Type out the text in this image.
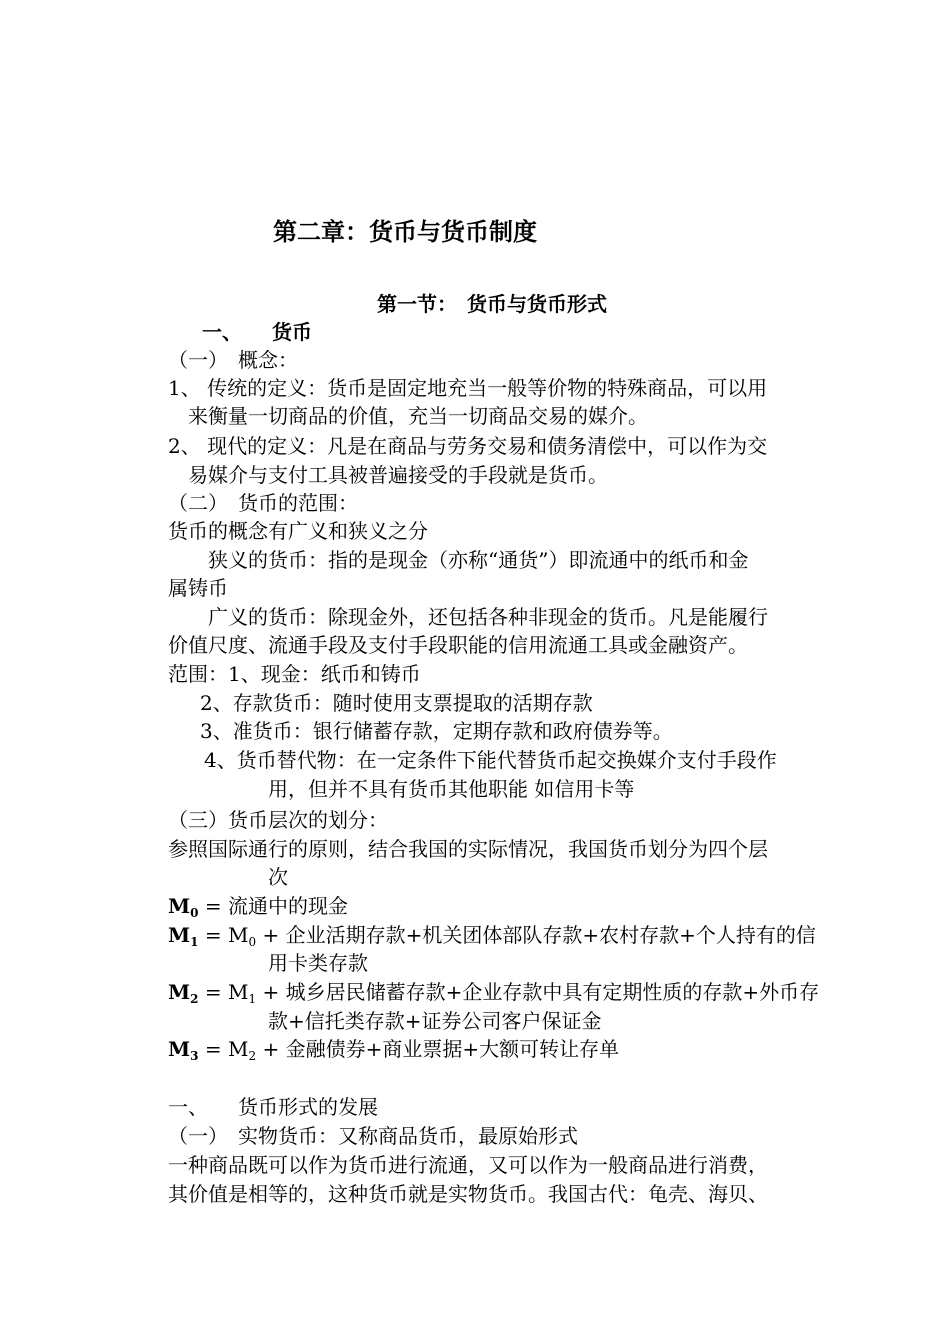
第二章：货币与货币制度
第一节：　货币与货币形式
一、　　货币
（一）　概念：
1、 传统的定义：货币是固定地充当一般等价物的特殊商品，可以用
来衡量一切商品的价值，充当一切商品交易的媒介。
2、 现代的定义：凡是在商品与劳务交易和债务清偿中，可以作为交
易媒介与支付工具被普遍接受的手段就是货币。
（二）　货币的范围：
货币的概念有广义和狭义之分
狭义的货币：指的是现金（亦称“通货”）即流通中的纸币和金
属铸币
广义的货币：除现金外，还包括各种非现金的货币。凡是能履行
价值尺度、流通手段及支付手段职能的信用流通工具或金融资产。
范围：1、现金：纸币和铸币
2、存款货币：随时使用支票提取的活期存款
3、准货币：银行储蓄存款，定期存款和政府债券等。
4、货币替代物：在一定条件下能代替货币起交换媒介支付手段作
用，但并不具有货币其他职能 如信用卡等
（三）货币层次的划分：
参照国际通行的原则，结合我国的实际情况，我国货币划分为四个层
次
$M_0$ = 流通中的现金
$M_1 = M_0$ + 企业活期存款+机关团体部队存款+农村存款+个人持有的信
用卡类存款
$M_2 = M_1$ + 城乡居民储蓄存款+企业存款中具有定期性质的存款+外币存
款+信托类存款+证券公司客户保证金
$M_3 = M_2$ + 金融债券+商业票据+大额可转让存单
一、　　货币形式的发展
（一）　实物货币：又称商品货币，最原始形式
一种商品既可以作为货币进行流通，又可以作为一般商品进行消费，
其价值是相等的，这种货币就是实物货币。我国古代：龟壳、海贝、
